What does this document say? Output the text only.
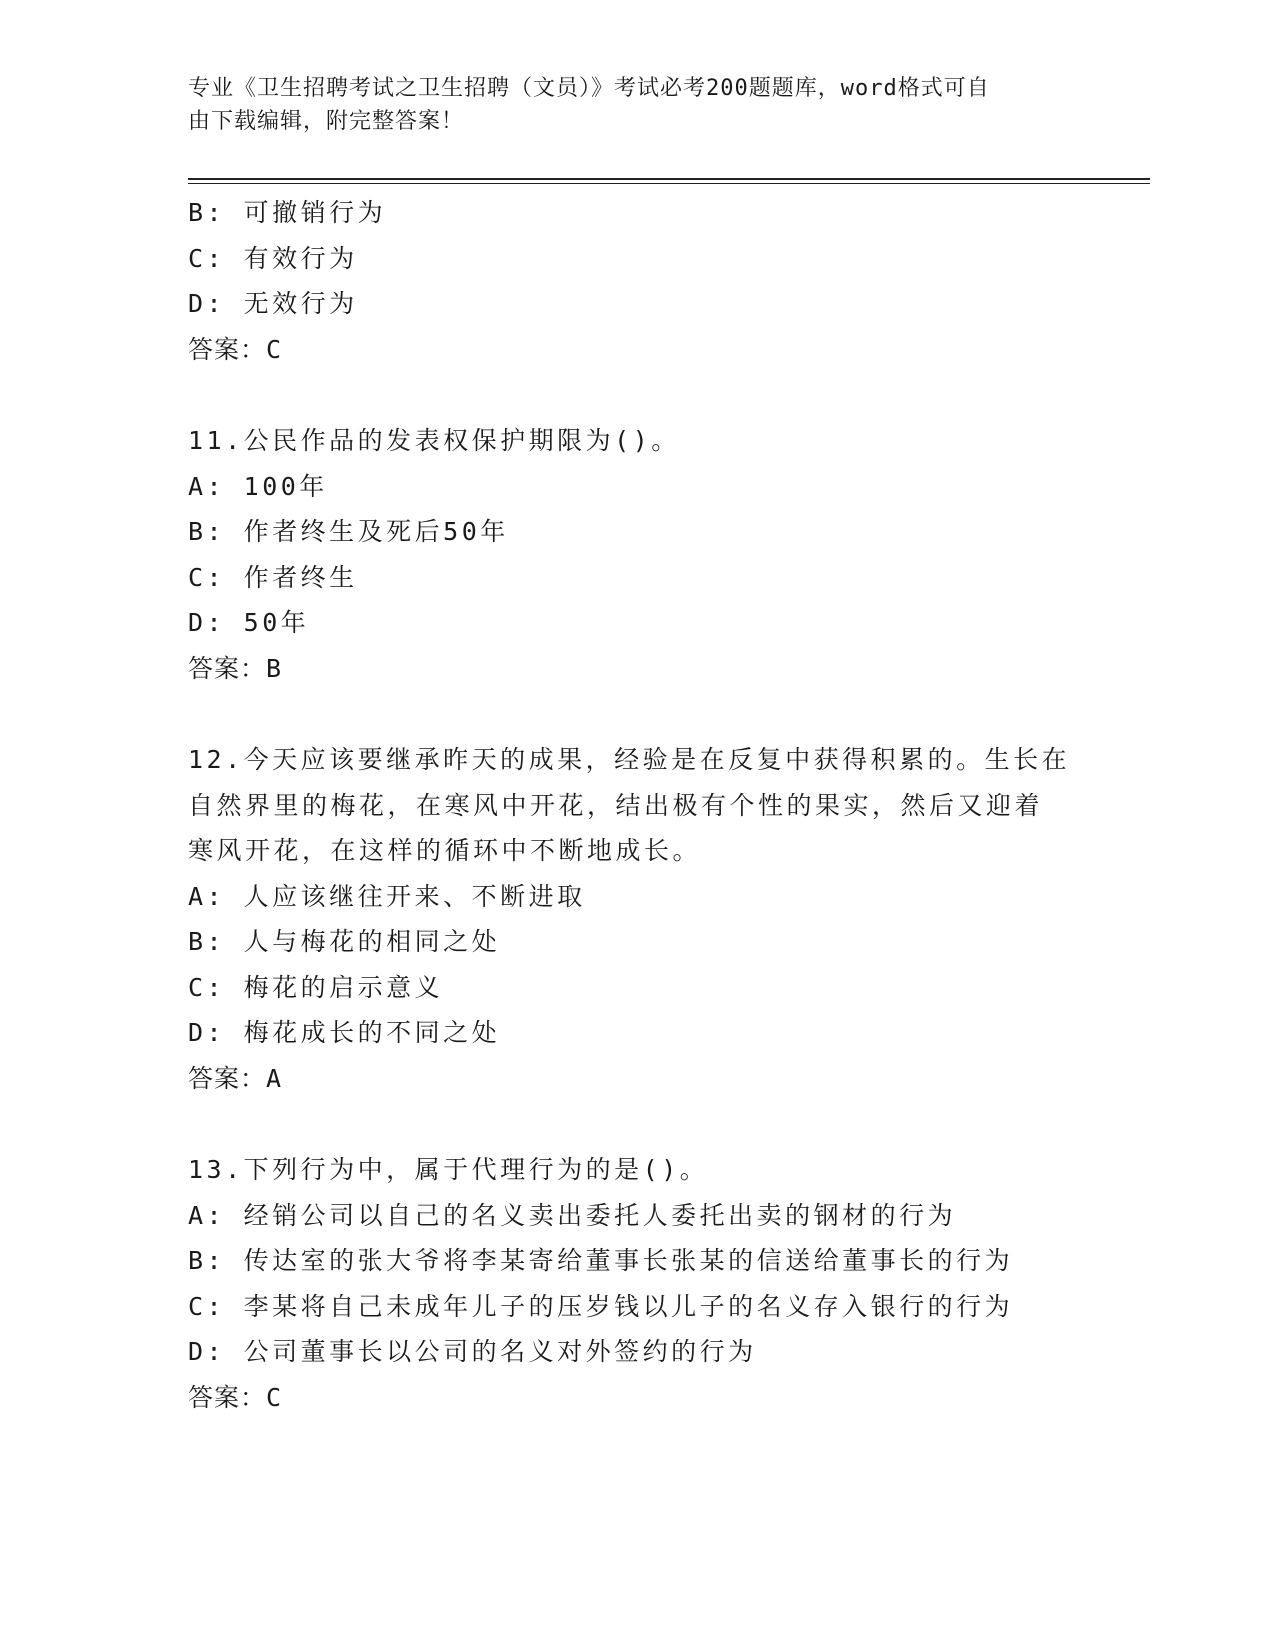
专业《卫生招聘考试之卫生招聘（文员）》考试必考200题题库，word格式可自
由下载编辑，附完整答案！
B: 可撤销行为
C: 有效行为
D: 无效行为
答案：C
11.公民作品的发表权保护期限为()。
A: 100年
B: 作者终生及死后50年
C: 作者终生
D: 50年
答案：B
12.今天应该要继承昨天的成果，经验是在反复中获得积累的。生长在
自然界里的梅花，在寒风中开花，结出极有个性的果实，然后又迎着
寒风开花，在这样的循环中不断地成长。
A: 人应该继往开来、不断进取
B: 人与梅花的相同之处
C: 梅花的启示意义
D: 梅花成长的不同之处
答案：A
13.下列行为中，属于代理行为的是()。
A: 经销公司以自己的名义卖出委托人委托出卖的钢材的行为
B: 传达室的张大爷将李某寄给董事长张某的信送给董事长的行为
C: 李某将自己未成年儿子的压岁钱以儿子的名义存入银行的行为
D: 公司董事长以公司的名义对外签约的行为
答案：C
